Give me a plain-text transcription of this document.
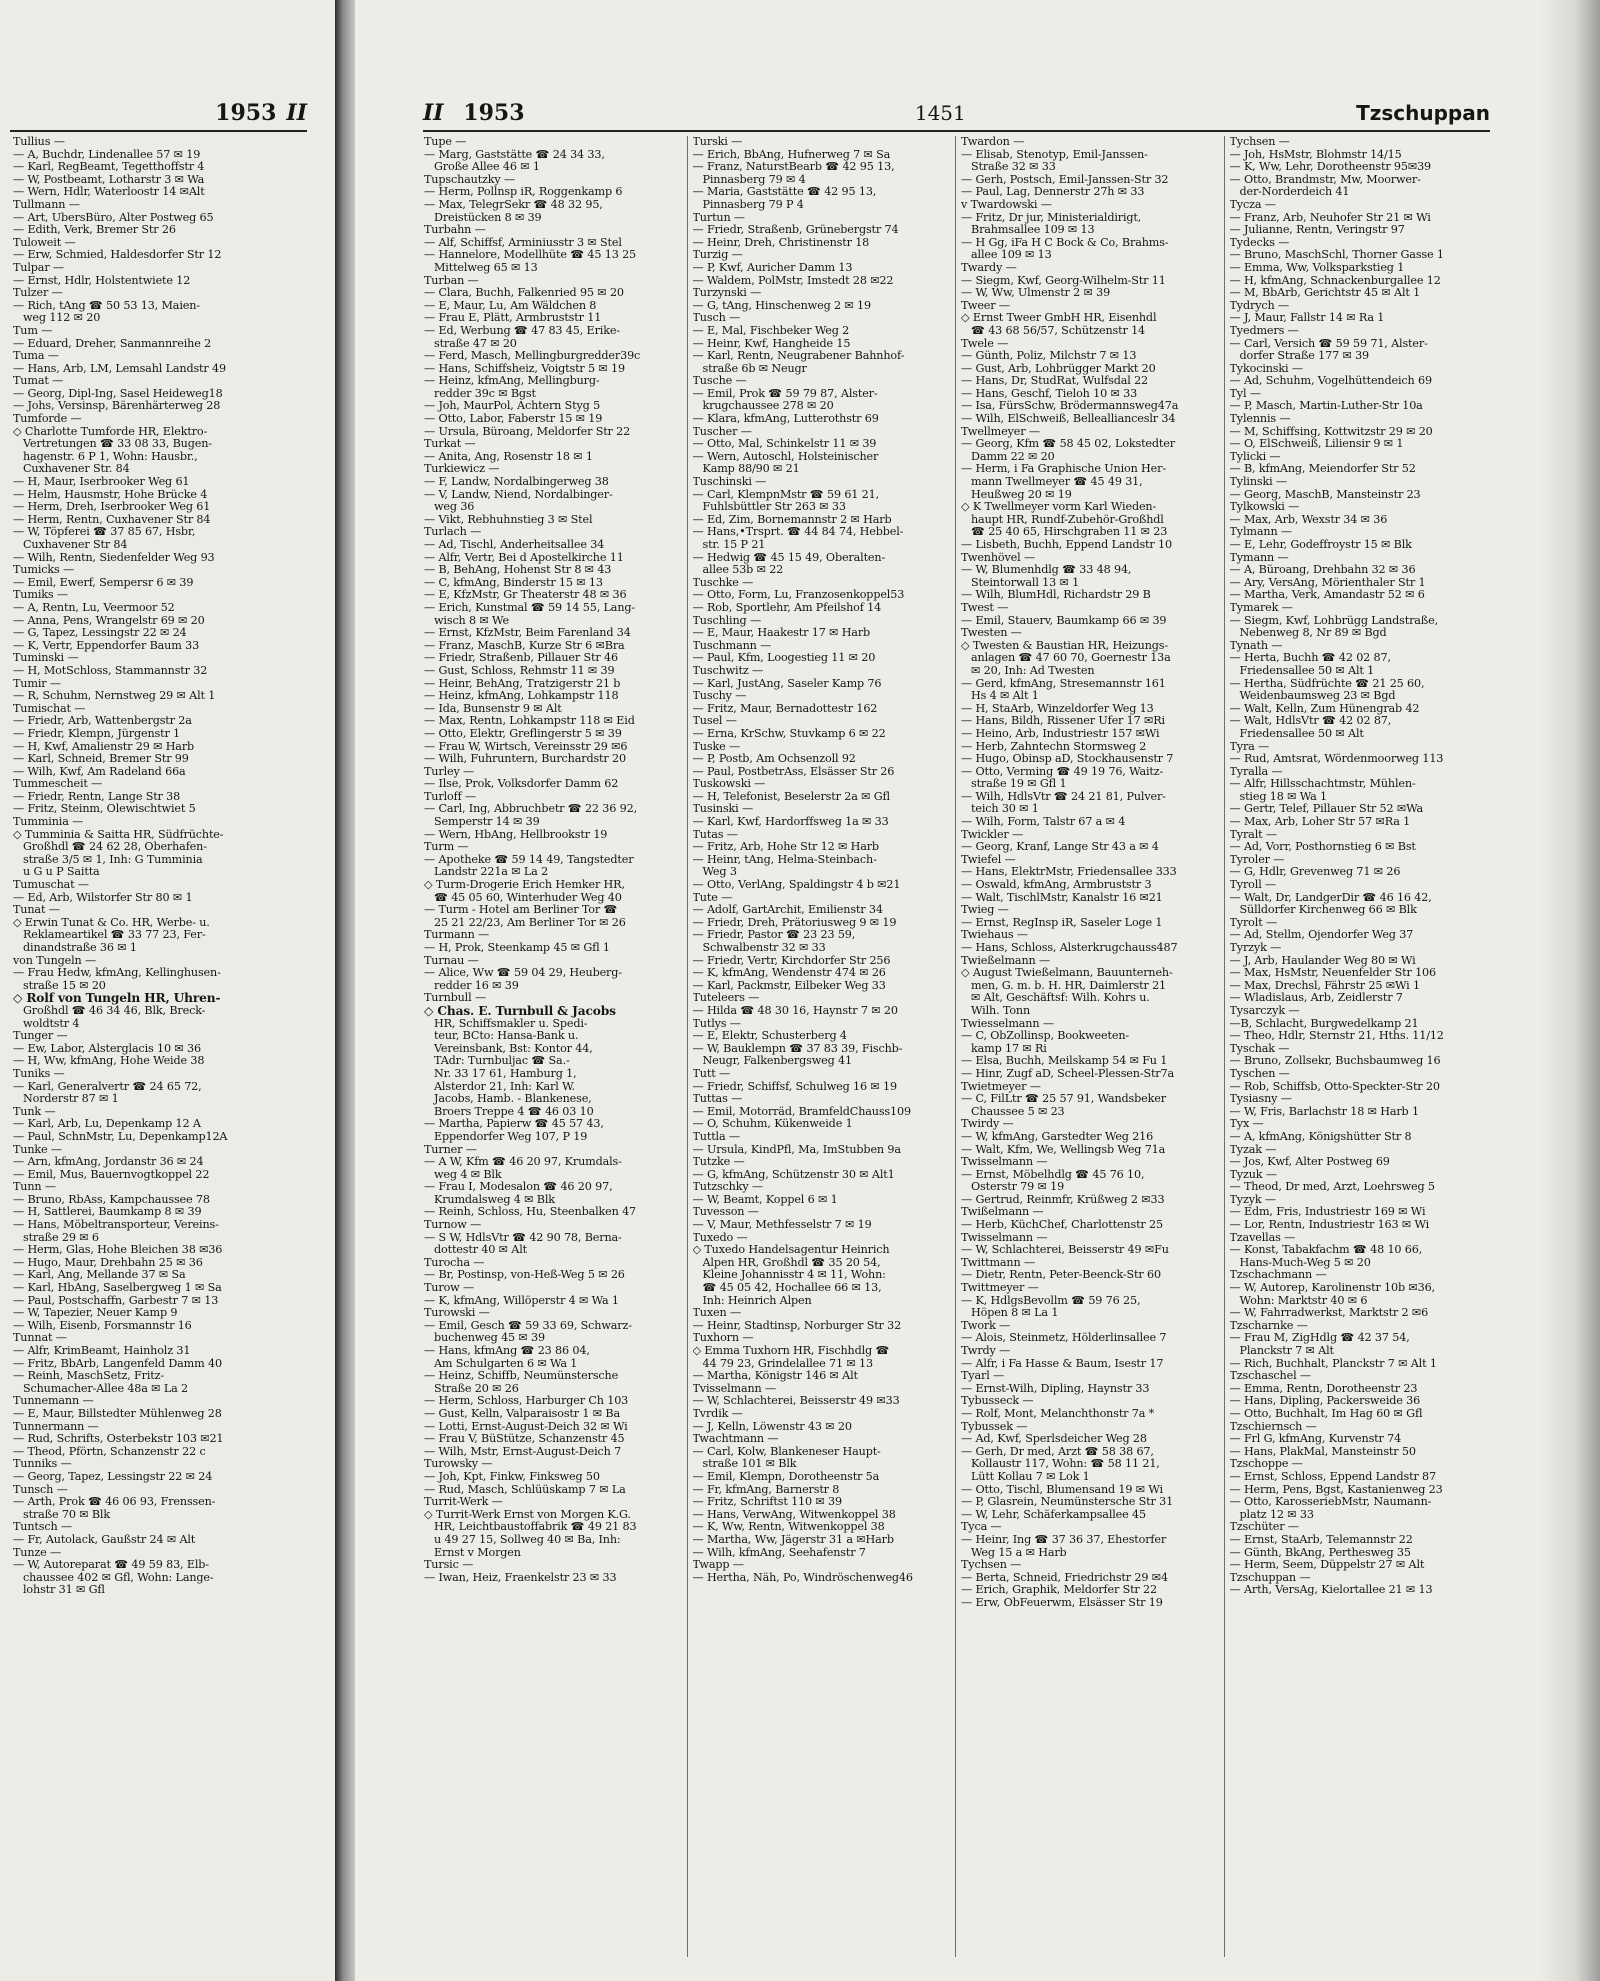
1953 II
Tullius —
— A, Buchdr, Lindenallee 57 ✉ 19
— Karl, RegBeamt, Tegetthoffstr 4
— W, Postbeamt, Lotharstr 3 ✉ Wa
— Wern, Hdlr, Waterloostr 14 ✉Alt
Tullmann —
— Art, ÜbersBüro, Alter Postweg 65
— Edith, Verk, Bremer Str 26
Tuloweit —
— Erw, Schmied, Haldesdorfer Str 12
Tulpar —
— Ernst, Hdlr, Holstentwiete 12
Tulzer —
— Rich, tAng ☎ 50 53 13, Maien-
weg 112 ✉ 20
Tum —
— Eduard, Dreher, Sanmannreihe 2
Tuma —
— Hans, Arb, LM, Lemsahl Landstr 49
Tumat —
— Georg, Dipl-Ing, Sasel Heideweg18
— Johs, Versinsp, Bärenhärterweg 28
Tumforde —
◇ Charlotte Tumforde HR, Elektro-
Vertretungen ☎ 33 08 33, Bugen-
hagenstr. 6 P 1, Wohn: Hausbr.,
Cuxhavener Str. 84
— H, Maur, Iserbrooker Weg 61
— Helm, Hausmstr, Hohe Brücke 4
— Herm, Dreh, Iserbrooker Weg 61
— Herm, Rentn, Cuxhavener Str 84
— W, Töpferei ☎ 37 85 67, Hsbr,
Cuxhavener Str 84
— Wilh, Rentn, Siedenfelder Weg 93
Tumicks —
— Emil, Ewerf, Sempersr 6 ✉ 39
Tumiks —
— A, Rentn, Lu, Veermoor 52
— Anna, Pens, Wrangelstr 69 ✉ 20
— G, Tapez, Lessingstr 22 ✉ 24
— K, Vertr, Eppendorfer Baum 33
Tuminski —
— H, MotSchloss, Stammannstr 32
Tumir —
— R, Schuhm, Nernstweg 29 ✉ Alt 1
Tumischat —
— Friedr, Arb, Wattenbergstr 2a
— Friedr, Klempn, Jürgenstr 1
— H, Kwf, Amalienstr 29 ✉ Harb
— Karl, Schneid, Bremer Str 99
— Wilh, Kwf, Am Radeland 66a
Tummescheit —
— Friedr, Rentn, Lange Str 38
— Fritz, Steinm, Olewischtwiet 5
Tumminia —
◇ Tumminia & Saitta HR, Südfrüchte-
Großhdl ☎ 24 62 28, Oberhafen-
straße 3/5 ✉ 1, Inh: G Tumminia
u G u P Saitta
Tumuschat —
— Ed, Arb, Wilstorfer Str 80 ✉ 1
Tunat —
◇ Erwin Tunat & Co. HR, Werbe- u.
Reklameartikel ☎ 33 77 23, Fer-
dinandstraße 36 ✉ 1
von Tungeln —
— Frau Hedw, kfmAng, Kellinghusen-
straße 15 ✉ 20
◇ Rolf von Tungeln HR, Uhren-
Großhdl ☎ 46 34 46, Blk, Breck-
woldtstr 4
Tunger —
— Ew, Labor, Alsterglacis 10 ✉ 36
— H, Ww, kfmAng, Hohe Weide 38
Tuniks —
— Karl, Generalvertr ☎ 24 65 72,
Norderstr 87 ✉ 1
Tunk —
— Karl, Arb, Lu, Depenkamp 12 A
— Paul, SchnMstr, Lu, Depenkamp12A
Tunke —
— Arn, kfmAng, Jordanstr 36 ✉ 24
— Emil, Mus, Bauernvogtkoppel 22
Tunn —
— Bruno, RbAss, Kampchaussee 78
— H, Sattlerei, Baumkamp 8 ✉ 39
— Hans, Möbeltransporteur, Vereins-
straße 29 ✉ 6
— Herm, Glas, Hohe Bleichen 38 ✉36
— Hugo, Maur, Drehbahn 25 ✉ 36
— Karl, Ang, Mellande 37 ✉ Sa
— Karl, HbAng, Saselbergweg 1 ✉ Sa
— Paul, Postschaffn, Garbestr 7 ✉ 13
— W, Tapezier, Neuer Kamp 9
— Wilh, Eisenb, Forsmannstr 16
Tunnat —
— Alfr, KrimBeamt, Hainholz 31
— Fritz, BbArb, Langenfeld Damm 40
— Reinh, MaschSetz, Fritz-
Schumacher-Allee 48a ✉ La 2
Tunnemann —
— E, Maur, Billstedter Mühlenweg 28
Tunnermann —
— Rud, Schrifts, Osterbekstr 103 ✉21
— Theod, Pförtn, Schanzenstr 22 c
Tunniks —
— Georg, Tapez, Lessingstr 22 ✉ 24
Tunsch —
— Arth, Prok ☎ 46 06 93, Frenssen-
straße 70 ✉ Blk
Tuntsch —
— Fr, Autolack, Gaußstr 24 ✉ Alt
Tunze —
— W, Autoreparat ☎ 49 59 83, Elb-
chaussee 402 ✉ Gfl, Wohn: Lange-
lohstr 31 ✉ Gfl
II 1953	1451	Tzschuppan
Tupe —
— Marg, Gaststätte ☎ 24 34 33,
Große Allee 46 ✉ 1
Tupschautzky —
— Herm, Pollnsp iR, Roggenkamp 6
— Max, TelegrSekr ☎ 48 32 95,
Dreistücken 8 ✉ 39
Turbahn —
— Alf, Schiffsf, Arminiusstr 3 ✉ Stel
— Hannelore, Modellhüte ☎ 45 13 25
Mittelweg 65 ✉ 13
Turban —
— Clara, Buchh, Falkenried 95 ✉ 20
— E, Maur, Lu, Am Wäldchen 8
— Frau E, Plätt, Armbruststr 11
— Ed, Werbung ☎ 47 83 45, Erike-
straße 47 ✉ 20
— Ferd, Masch, Mellingburgredder39c
— Hans, Schiffsheiz, Voigtstr 5 ✉ 19
— Heinz, kfmAng, Mellingburg-
redder 39c ✉ Bgst
— Joh, MaurPol, Achtern Styg 5
— Otto, Labor, Faberstr 15 ✉ 19
— Ursula, Büroang, Meldorfer Str 22
Turkat —
— Anita, Ang, Rosenstr 18 ✉ 1
Turkiewicz —
— F, Landw, Nordalbingerweg 38
— V, Landw, Niend, Nordalbinger-
weg 36
— Vikt, Rebhuhnstieg 3 ✉ Stel
Turlach —
— Ad, Tischl, Anderheitsallee 34
— Alfr, Vertr, Bei d Apostelkirche 11
— B, BehAng, Hohenst Str 8 ✉ 43
— C, kfmAng, Binderstr 15 ✉ 13
— E, KfzMstr, Gr Theaterstr 48 ✉ 36
— Erich, Kunstmal ☎ 59 14 55, Lang-
wisch 8 ✉ We
— Ernst, KfzMstr, Beim Farenland 34
— Franz, MaschB, Kurze Str 6 ✉Bra
— Friedr, Straßenb, Pillauer Str 46
— Gust, Schloss, Rehmstr 11 ✉ 39
— Heinr, BehAng, Tratzigerstr 21 b
— Heinz, kfmAng, Lohkampstr 118
— Ida, Bunsenstr 9 ✉ Alt
— Max, Rentn, Lohkampstr 118 ✉ Eid
— Otto, Elektr, Greflingerstr 5 ✉ 39
— Frau W, Wirtsch, Vereinsstr 29 ✉6
— Wilh, Fuhruntern, Burchardstr 20
Turley —
— Ilse, Prok, Volksdorfer Damm 62
Turloff —
— Carl, Ing, Abbruchbetr ☎ 22 36 92,
Semperstr 14 ✉ 39
— Wern, HbAng, Hellbrookstr 19
Turm —
— Apotheke ☎ 59 14 49, Tangstedter
Landstr 221a ✉ La 2
◇ Turm-Drogerie Erich Hemker HR,
☎ 45 05 60, Winterhuder Weg 40
— Turm - Hotel am Berliner Tor ☎
25 21 22/23, Am Berliner Tor ✉ 26
Turmann —
— H, Prok, Steenkamp 45 ✉ Gfl 1
Turnau —
— Alice, Ww ☎ 59 04 29, Heuberg-
redder 16 ✉ 39
Turnbull —
◇ Chas. E. Turnbull & Jacobs
HR, Schiffsmakler u. Spedi-
teur, BCto: Hansa-Bank u.
Vereinsbank, Bst: Kontor 44,
TAdr: Turnbuljac ☎ Sa.-
Nr. 33 17 61, Hamburg 1,
Alsterdor 21, Inh: Karl W.
Jacobs, Hamb. - Blankenese,
Broers Treppe 4 ☎ 46 03 10
— Martha, Papierw ☎ 45 57 43,
Eppendorfer Weg 107, P 19
Turner —
— A W, Kfm ☎ 46 20 97, Krumdals-
weg 4 ✉ Blk
— Frau I, Modesalon ☎ 46 20 97,
Krumdalsweg 4 ✉ Blk
— Reinh, Schloss, Hu, Steenbalken 47
Turnow —
— S W, HdlsVtr ☎ 42 90 78, Berna-
dottestr 40 ✉ Alt
Turocha —
— Br, Postinsp, von-Heß-Weg 5 ✉ 26
Turow —
— K, kfmAng, Willöperstr 4 ✉ Wa 1
Turowski —
— Emil, Gesch ☎ 59 33 69, Schwarz-
buchenweg 45 ✉ 39
— Hans, kfmAng ☎ 23 86 04,
Am Schulgarten 6 ✉ Wa 1
— Heinz, Schiffb, Neumünstersche
Straße 20 ✉ 26
— Herm, Schloss, Harburger Ch 103
— Gust, Kelln, Valparaisostr 1 ✉ Ba
— Lotti, Ernst-August-Deich 32 ✉ Wi
— Frau V, BüStütze, Schanzenstr 45
— Wilh, Mstr, Ernst-August-Deich 7
Turowsky —
— Joh, Kpt, Finkw, Finksweg 50
— Rud, Masch, Schlüüskamp 7 ✉ La
Turrit-Werk —
◇ Turrit-Werk Ernst von Morgen K.G.
HR, Leichtbaustoffabrik ☎ 49 21 83
u 49 27 15, Sollweg 40 ✉ Ba, Inh:
Ernst v Morgen
Tursic —
— Iwan, Heiz, Fraenkelstr 23 ✉ 33
Turski —
— Erich, BbAng, Hufnerweg 7 ✉ Sa
— Franz, NaturstBearb ☎ 42 95 13,
Pinnasberg 79 ✉ 4
— Maria, Gaststätte ☎ 42 95 13,
Pinnasberg 79 P 4
Turtun —
— Friedr, Straßenb, Grünebergstr 74
— Heinr, Dreh, Christinenstr 18
Turzig —
— P, Kwf, Auricher Damm 13
— Waldem, PolMstr, Imstedt 28 ✉22
Turzynski —
— G, tAng, Hinschenweg 2 ✉ 19
Tusch —
— E, Mal, Fischbeker Weg 2
— Heinr, Kwf, Hangheide 15
— Karl, Rentn, Neugrabener Bahnhof-
straße 6b ✉ Neugr
Tusche —
— Emil, Prok ☎ 59 79 87, Alster-
krugchaussee 278 ✉ 20
— Klara, kfmAng, Lutterothstr 69
Tuscher —
— Otto, Mal, Schinkelstr 11 ✉ 39
— Wern, Autoschl, Holsteinischer
Kamp 88/90 ✉ 21
Tuschinski —
— Carl, KlempnMstr ☎ 59 61 21,
Fuhlsbüttler Str 263 ✉ 33
— Ed, Zim, Bornemannstr 2 ✉ Harb
— Hans,•Trsprt. ☎ 44 84 74, Hebbel-
str. 15 P 21
— Hedwig ☎ 45 15 49, Oberalten-
allee 53b ✉ 22
Tuschke —
— Otto, Form, Lu, Franzosenkoppel53
— Rob, Sportlehr, Am Pfeilshof 14
Tuschling —
— E, Maur, Haakestr 17 ✉ Harb
Tuschmann —
— Paul, Kfm, Loogestieg 11 ✉ 20
Tuschwitz —
— Karl, JustAng, Saseler Kamp 76
Tuschy —
— Fritz, Maur, Bernadottestr 162
Tusel —
— Erna, KrSchw, Stuvkamp 6 ✉ 22
Tuske —
— P, Postb, Am Ochsenzoll 92
— Paul, PostbetrAss, Elsässer Str 26
Tuskowski —
— H, Telefonist, Beselerstr 2a ✉ Gfl
Tusinski —
— Karl, Kwf, Hardorffsweg 1a ✉ 33
Tutas —
— Fritz, Arb, Hohe Str 12 ✉ Harb
— Heinr, tAng, Helma-Steinbach-
Weg 3
— Otto, VerlAng, Spaldingstr 4 b ✉21
Tute —
— Adolf, GartArchit, Emilienstr 34
— Friedr, Dreh, Prätoriusweg 9 ✉ 19
— Friedr, Pastor ☎ 23 23 59,
Schwalbenstr 32 ✉ 33
— Friedr, Vertr, Kirchdorfer Str 256
— K, kfmAng, Wendenstr 474 ✉ 26
— Karl, Packmstr, Eilbeker Weg 33
Tuteleers —
— Hilda ☎ 48 30 16, Haynstr 7 ✉ 20
Tutlys —
— E, Elektr, Schusterberg 4
— W, Bauklempn ☎ 37 83 39, Fischb-
Neugr, Falkenbergsweg 41
Tutt —
— Friedr, Schiffsf, Schulweg 16 ✉ 19
Tuttas —
— Emil, Motorräd, BramfeldChauss109
— O, Schuhm, Kükenweide 1
Tuttla —
— Ursula, KindPfl, Ma, ImStubben 9a
Tutzke —
— G, kfmAng, Schützenstr 30 ✉ Alt1
Tutzschky —
— W, Beamt, Koppel 6 ✉ 1
Tuvesson —
— V, Maur, Methfesselstr 7 ✉ 19
Tuxedo —
◇ Tuxedo Handelsagentur Heinrich
Alpen HR, Großhdl ☎ 35 20 54,
Kleine Johannisstr 4 ✉ 11, Wohn:
☎ 45 05 42, Hochallee 66 ✉ 13,
Inh: Heinrich Alpen
Tuxen —
— Heinr, Stadtinsp, Norburger Str 32
Tuxhorn —
◇ Emma Tuxhorn HR, Fischhdlg ☎
44 79 23, Grindelallee 71 ✉ 13
— Martha, Königstr 146 ✉ Alt
Tvisselmann —
— W, Schlachterei, Beisserstr 49 ✉33
Tvrdik —
— J, Kelln, Löwenstr 43 ✉ 20
Twachtmann —
— Carl, Kolw, Blankeneser Haupt-
straße 101 ✉ Blk
— Emil, Klempn, Dorotheenstr 5a
— Fr, kfmAng, Barnerstr 8
— Fritz, Schriftst 110 ✉ 39
— Hans, VerwAng, Witwenkoppel 38
— K, Ww, Rentn, Witwenkoppel 38
— Martha, Ww, Jägerstr 31 a ✉Harb
— Wilh, kfmAng, Seehafenstr 7
Twapp —
— Hertha, Näh, Po, Windröschenweg46
Twardon —
— Elisab, Stenotyp, Emil-Janssen-
Straße 32 ✉ 33
— Gerh, Postsch, Emil-Janssen-Str 32
— Paul, Lag, Dennerstr 27h ✉ 33
v Twardowski —
— Fritz, Dr jur, Ministerialdirigt,
Brahmsallee 109 ✉ 13
— H Gg, iFa H C Bock & Co, Brahms-
allee 109 ✉ 13
Twardy —
— Siegm, Kwf, Georg-Wilhelm-Str 11
— W, Ww, Ulmenstr 2 ✉ 39
Tweer —
◇ Ernst Tweer GmbH HR, Eisenhdl
☎ 43 68 56/57, Schützenstr 14
Twele —
— Günth, Poliz, Milchstr 7 ✉ 13
— Gust, Arb, Lohbrügger Markt 20
— Hans, Dr, StudRat, Wulfsdal 22
— Hans, Geschf, Tieloh 10 ✉ 33
— Isa, FürsSchw, Brödermannsweg47a
— Wilh, ElSchweiß, Belleallianceslr 34
Twellmeyer —
— Georg, Kfm ☎ 58 45 02, Lokstedter
Damm 22 ✉ 20
— Herm, i Fa Graphische Union Her-
mann Twellmeyer ☎ 45 49 31,
Heußweg 20 ✉ 19
◇ K Twellmeyer vorm Karl Wieden-
haupt HR, Rundf-Zubehör-Großhdl
☎ 25 40 65, Hirschgraben 11 ✉ 23
— Lisbeth, Buchh, Eppend Landstr 10
Twenhövel —
— W, Blumenhdlg ☎ 33 48 94,
Steintorwall 13 ✉ 1
— Wilh, BlumHdl, Richardstr 29 B
Twest —
— Emil, Stauerv, Baumkamp 66 ✉ 39
Twesten —
◇ Twesten & Baustian HR, Heizungs-
anlagen ☎ 47 60 70, Goernestr 13a
✉ 20, Inh: Ad Twesten
— Gerd, kfmAng, Stresemannstr 161
Hs 4 ✉ Alt 1
— H, StaArb, Winzeldorfer Weg 13
— Hans, Bildh, Rissener Ufer 17 ✉Ri
— Heino, Arb, Industriestr 157 ✉Wi
— Herb, Zahntechn Stormsweg 2
— Hugo, Obinsp aD, Stockhausenstr 7
— Otto, Verming ☎ 49 19 76, Waitz-
straße 19 ✉ Gfl 1
— Wilh, HdlsVtr ☎ 24 21 81, Pulver-
teich 30 ✉ 1
— Wilh, Form, Talstr 67 a ✉ 4
Twickler —
— Georg, Kranf, Lange Str 43 a ✉ 4
Twiefel —
— Hans, ElektrMstr, Friedensallee 333
— Oswald, kfmAng, Armbruststr 3
— Walt, TischlMstr, Kanalstr 16 ✉21
Twieg —
— Ernst, RegInsp iR, Saseler Loge 1
Twiehaus —
— Hans, Schloss, Alsterkrugchauss487
Twießelmann —
◇ August Twießelmann, Bauunterneh-
men, G. m. b. H. HR, Daimlerstr 21
✉ Alt, Geschäftsf: Wilh. Kohrs u.
Wilh. Tonn
Twiesselmann —
— C, ObZollinsp, Bookweeten-
kamp 17 ✉ Ri
— Elsa, Buchh, Meilskamp 54 ✉ Fu 1
— Hinr, Zugf aD, Scheel-Plessen-Str7a
Twietmeyer —
— C, FilLtr ☎ 25 57 91, Wandsbeker
Chaussee 5 ✉ 23
Twirdy —
— W, kfmAng, Garstedter Weg 216
— Walt, Kfm, We, Wellingsb Weg 71a
Twisselmann —
— Ernst, Möbelhdlg ☎ 45 76 10,
Osterstr 79 ✉ 19
— Gertrud, Reinmfr, Krüßweg 2 ✉33
Twißelmann —
— Herb, KüchChef, Charlottenstr 25
Twisselmann —
— W, Schlachterei, Beisserstr 49 ✉Fu
Twittmann —
— Dietr, Rentn, Peter-Beenck-Str 60
Twittmeyer —
— K, HdlgsBevollm ☎ 59 76 25,
Höpen 8 ✉ La 1
Twork —
— Alois, Steinmetz, Hölderlinsallee 7
Twrdy —
— Alfr, i Fa Hasse & Baum, Isestr 17
Tyarl —
— Ernst-Wilh, Dipling, Haynstr 33
Tybusseck —
— Rolf, Mont, Melanchthonstr 7a *
Tybussek —
— Ad, Kwf, Sperlsdeicher Weg 28
— Gerh, Dr med, Arzt ☎ 58 38 67,
Kollaustr 117, Wohn: ☎ 58 11 21,
Lütt Kollau 7 ✉ Lok 1
— Otto, Tischl, Blumensand 19 ✉ Wi
— P, Glasrein, Neumünstersche Str 31
— W, Lehr, Schäferkampsallee 45
Tyca —
— Heinr, Ing ☎ 37 36 37, Ehestorfer
Weg 15 a ✉ Harb
Tychsen —
— Berta, Schneid, Friedrichstr 29 ✉4
— Erich, Graphik, Meldorfer Str 22
— Erw, ObFeuerwm, Elsässer Str 19
Tychsen —
— Joh, HsMstr, Blohmstr 14/15
— K, Ww, Lehr, Dorotheenstr 95✉39
— Otto, Brandmstr, Mw, Moorwer-
der-Norderdeich 41
Tycza —
— Franz, Arb, Neuhofer Str 21 ✉ Wi
— Julianne, Rentn, Veringstr 97
Tydecks —
— Bruno, MaschSchl, Thorner Gasse 1
— Emma, Ww, Volksparkstieg 1
— H, kfmAng, Schnackenburgallee 12
— M, BbArb, Gerichtstr 45 ✉ Alt 1
Tydrych —
— J, Maur, Fallstr 14 ✉ Ra 1
Tyedmers —
— Carl, Versich ☎ 59 59 71, Alster-
dorfer Straße 177 ✉ 39
Tykocinski —
— Ad, Schuhm, Vogelhüttendeich 69
Tyl —
— P, Masch, Martin-Luther-Str 10a
Tylennis —
— M, Schiffsing, Kottwitzstr 29 ✉ 20
— O, ElSchweiß, Liliensir 9 ✉ 1
Tylicki —
— B, kfmAng, Meiendorfer Str 52
Tylinski —
— Georg, MaschB, Mansteinstr 23
Tylkowski —
— Max, Arb, Wexstr 34 ✉ 36
Tylmann —
— E, Lehr, Godeffroystr 15 ✉ Blk
Tymann —
— A, Büroang, Drehbahn 32 ✉ 36
— Ary, VersAng, Mörienthaler Str 1
— Martha, Verk, Amandastr 52 ✉ 6
Tymarek —
— Siegm, Kwf, Lohbrügg Landstraße,
Nebenweg 8, Nr 89 ✉ Bgd
Tynath —
— Herta, Buchh ☎ 42 02 87,
Friedensallee 50 ✉ Alt 1
— Hertha, Südfrüchte ☎ 21 25 60,
Weidenbaumsweg 23 ✉ Bgd
— Walt, Kelln, Zum Hünengrab 42
— Walt, HdlsVtr ☎ 42 02 87,
Friedensallee 50 ✉ Alt
Tyra —
— Rud, Amtsrat, Wördenmoorweg 113
Tyralla —
— Alfr, Hillsschachtmstr, Mühlen-
stieg 18 ✉ Wa 1
— Gertr, Telef, Pillauer Str 52 ✉Wa
— Max, Arb, Loher Str 57 ✉Ra 1
Tyralt —
— Ad, Vorr, Posthornstieg 6 ✉ Bst
Tyroler —
— G, Hdlr, Grevenweg 71 ✉ 26
Tyroll —
— Walt, Dr, LandgerDir ☎ 46 16 42,
Sülldorfer Kirchenweg 66 ✉ Blk
Tyrolt —
— Ad, Stellm, Ojendorfer Weg 37
Tyrzyk —
— J, Arb, Haulander Weg 80 ✉ Wi
— Max, HsMstr, Neuenfelder Str 106
— Max, Drechsl, Fährstr 25 ✉Wi 1
— Wladislaus, Arb, Zeidlerstr 7
Tysarczyk —
—B, Schlacht, Burgwedelkamp 21
— Theo, Hdlr, Sternstr 21, Hths. 11/12
Tyschak —
— Bruno, Zollsekr, Buchsbaumweg 16
Tyschen —
— Rob, Schiffsb, Otto-Speckter-Str 20
Tysiasny —
— W, Fris, Barlachstr 18 ✉ Harb 1
Tyx —
— A, kfmAng, Königshütter Str 8
Tyzak —
— Jos, Kwf, Alter Postweg 69
Tyzuk —
— Theod, Dr med, Arzt, Loehrsweg 5
Tyzyk —
— Edm, Fris, Industriestr 169 ✉ Wi
— Lor, Rentn, Industriestr 163 ✉ Wi
Tzavellas —
— Konst, Tabakfachm ☎ 48 10 66,
Hans-Much-Weg 5 ✉ 20
Tzschachmann —
— W, Autorep, Karolinenstr 10b ✉36,
Wohn: Marktstr 40 ✉ 6
— W, Fahrradwerkst, Marktstr 2 ✉6
Tzscharnke —
— Frau M, ZigHdlg ☎ 42 37 54,
Planckstr 7 ✉ Alt
— Rich, Buchhalt, Planckstr 7 ✉ Alt 1
Tzschaschel —
— Emma, Rentn, Dorotheenstr 23
— Hans, Dipling, Packersweide 36
— Otto, Buchhalt, Im Hag 60 ✉ Gfl
Tzschiernsch —
— Frl G, kfmAng, Kurvenstr 74
— Hans, PlakMal, Mansteinstr 50
Tzschoppe —
— Ernst, Schloss, Eppend Landstr 87
— Herm, Pens, Bgst, Kastanienweg 23
— Otto, KarosseriebMstr, Naumann-
platz 12 ✉ 33
Tzschüter —
— Ernst, StaArb, Telemannstr 22
— Günth, BkAng, Perthesweg 35
— Herm, Seem, Düppelstr 27 ✉ Alt
Tzschuppan —
— Arth, VersAg, Kielortallee 21 ✉ 13
